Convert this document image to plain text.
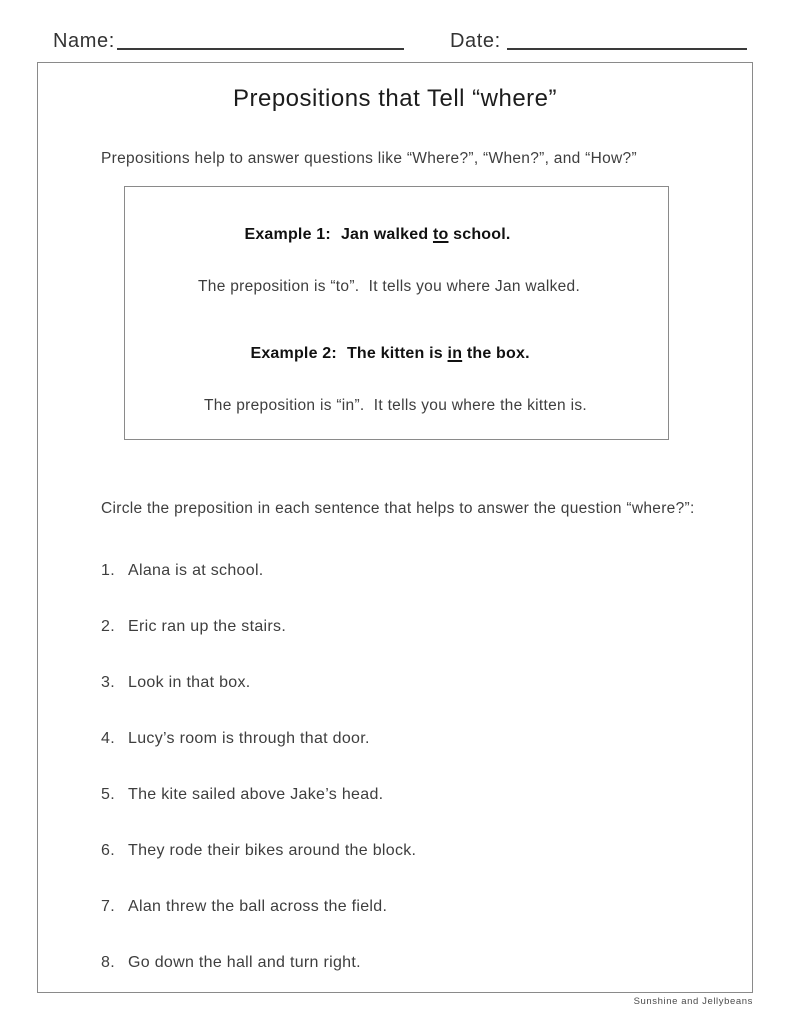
Name:	Date:
Prepositions that Tell “where”
Prepositions help to answer questions like “Where?”, “When?”, and “How?”

Example 1: Jan walked to school.

The preposition is “to”.  It tells you where Jan walked.

Example 2: The kitten is in the box.

The preposition is “in”.  It tells you where the kitten is.
Circle the preposition in each sentence that helps to answer the question “where?”:
1. Alana is at school.
2. Eric ran up the stairs.
3. Look in that box.
4. Lucy’s room is through that door.
5. The kite sailed above Jake’s head.
6. They rode their bikes around the block.
7. Alan threw the ball across the field.
8. Go down the hall and turn right.
Sunshine and Jellybeans
